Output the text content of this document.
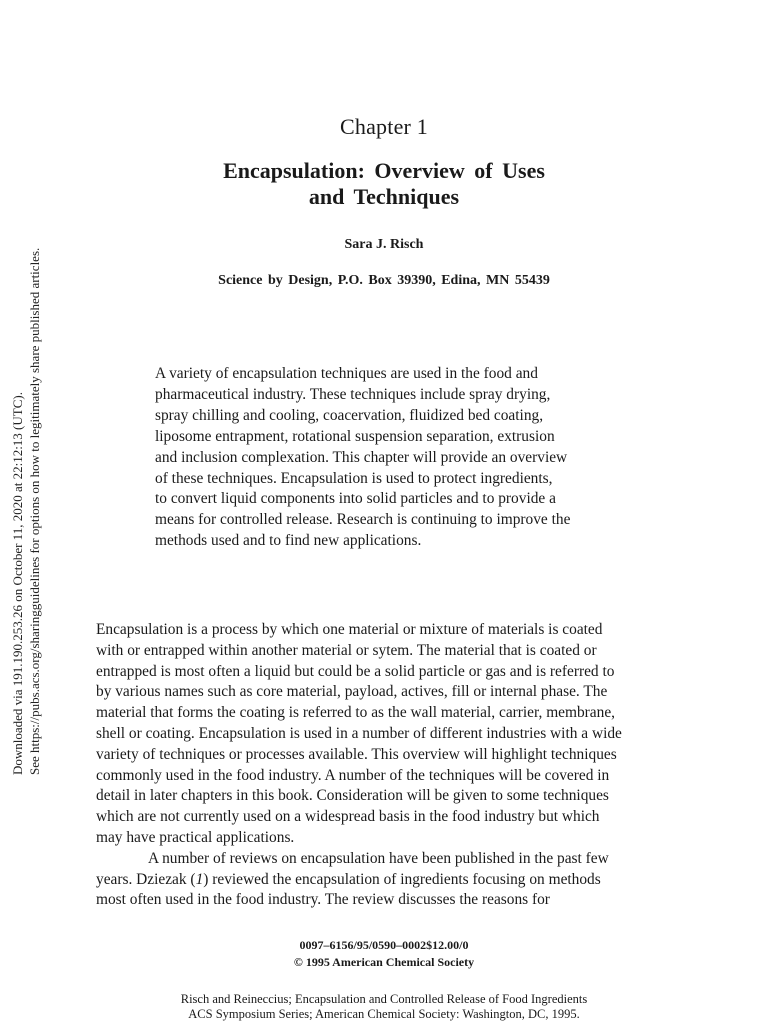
Downloaded via 191.190.253.26 on October 11, 2020 at 22:12:13 (UTC). See https://pubs.acs.org/sharingguidelines for options on how to legitimately share published articles.
Chapter 1
Encapsulation: Overview of Uses
and Techniques
Sara J. Risch
Science by Design, P.O. Box 39390, Edina, MN 55439
A variety of encapsulation techniques are used in the food and
pharmaceutical industry. These techniques include spray drying,
spray chilling and cooling, coacervation, fluidized bed coating,
liposome entrapment, rotational suspension separation, extrusion
and inclusion complexation. This chapter will provide an overview
of these techniques. Encapsulation is used to protect ingredients,
to convert liquid components into solid particles and to provide a
means for controlled release. Research is continuing to improve the
methods used and to find new applications.
Encapsulation is a process by which one material or mixture of materials is coated
with or entrapped within another material or sytem. The material that is coated or
entrapped is most often a liquid but could be a solid particle or gas and is referred to
by various names such as core material, payload, actives, fill or internal phase. The
material that forms the coating is referred to as the wall material, carrier, membrane,
shell or coating. Encapsulation is used in a number of different industries with a wide
variety of techniques or processes available. This overview will highlight techniques
commonly used in the food industry. A number of the techniques will be covered in
detail in later chapters in this book. Consideration will be given to some techniques
which are not currently used on a widespread basis in the food industry but which
may have practical applications.
A number of reviews on encapsulation have been published in the past few
years. Dziezak (1) reviewed the encapsulation of ingredients focusing on methods
most often used in the food industry. The review discusses the reasons for
0097–6156/95/0590–0002$12.00/0
© 1995 American Chemical Society
Risch and Reineccius; Encapsulation and Controlled Release of Food Ingredients
ACS Symposium Series; American Chemical Society: Washington, DC, 1995.
